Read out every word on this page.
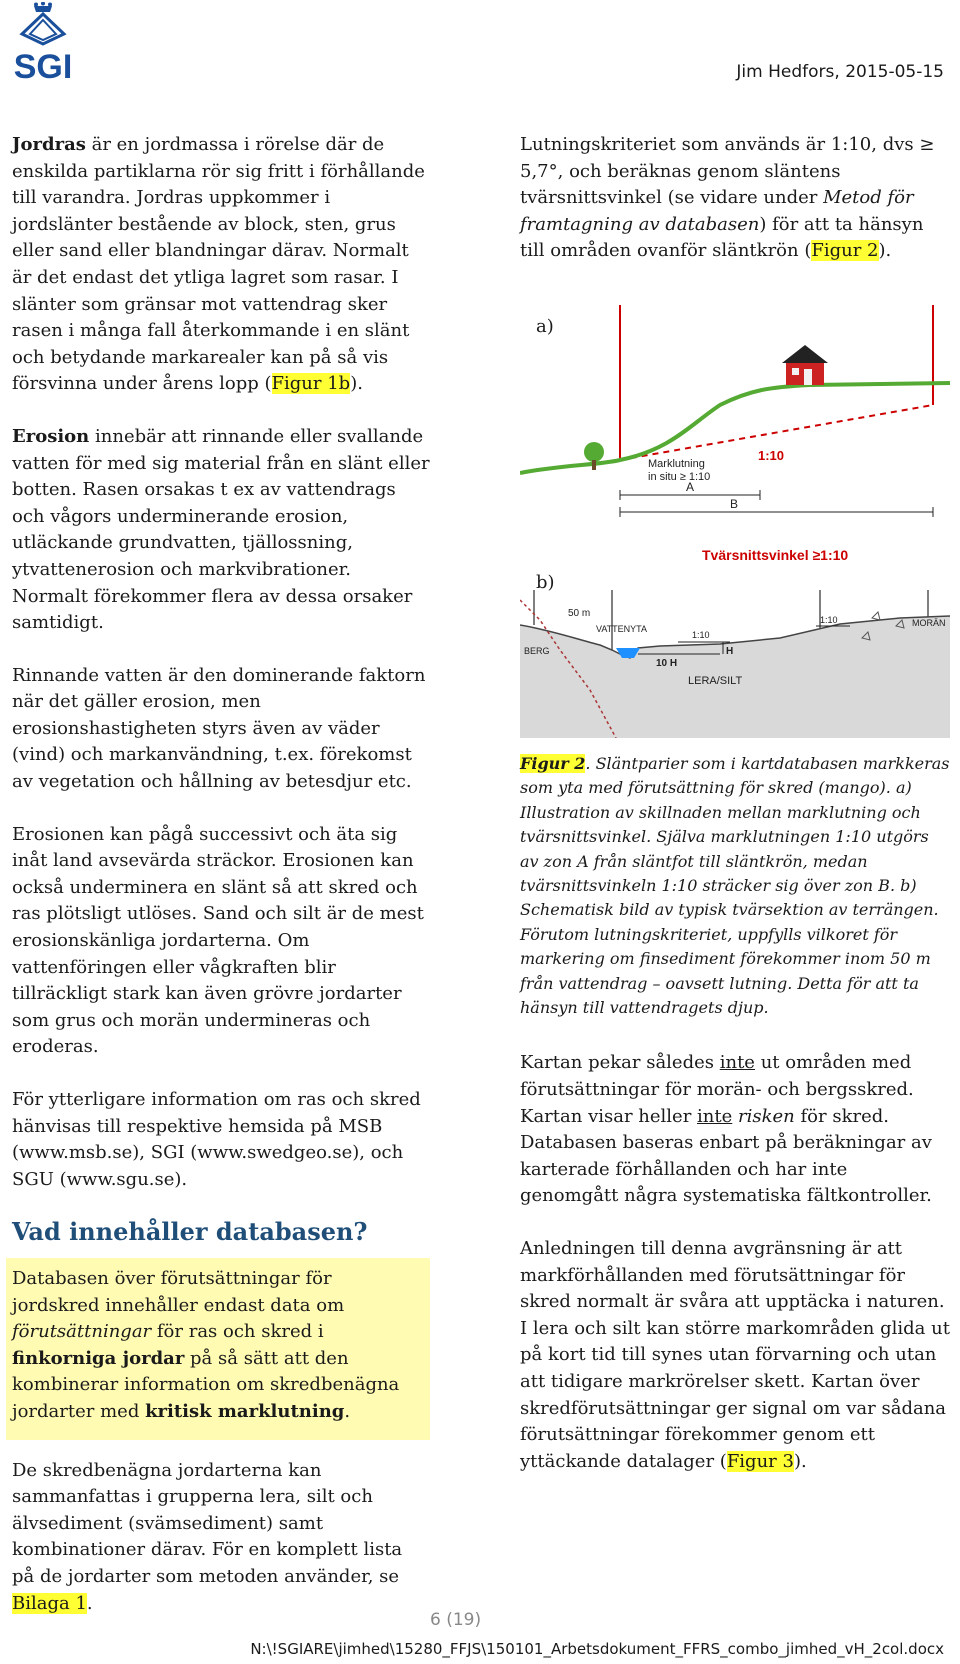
SGI	Jim Hedfors, 2015-05-15

Jordras är en jordmassa i rörelse där de enskilda partiklarna rör sig fritt i förhållande till varandra. Jordras uppkommer i jordslänter bestående av block, sten, grus eller sand eller blandningar därav. Normalt är det endast det ytliga lagret som rasar. I slänter som gränsar mot vattendrag sker rasen i många fall återkommande i en slänt och betydande markarealer kan på så vis försvinna under årens lopp (Figur 1b).

Erosion innebär att rinnande eller svallande vatten för med sig material från en slänt eller botten. Rasen orsakas t ex av vattendrags och vågors underminerande erosion, utläckande grundvatten, tjällossning, ytvattenerosion och markvibrationer. Normalt förekommer flera av dessa orsaker samtidigt.

Rinnande vatten är den dominerande faktorn när det gäller erosion, men erosionshastigheten styrs även av väder (vind) och markanvändning, t.ex. förekomst av vegetation och hållning av betesdjur etc.

Erosionen kan pågå successivt och äta sig inåt land avsevärda sträckor. Erosionen kan också underminera en slänt så att skred och ras plötsligt utlöses. Sand och silt är de mest erosionskänliga jordarterna. Om vattenföringen eller vågkraften blir tillräckligt stark kan även grövre jordarter som grus och morän undermineras och eroderas.

För ytterligare information om ras och skred hänvisas till respektive hemsida på MSB (www.msb.se), SGI (www.swedgeo.se), och SGU (www.sgu.se).

Vad innehåller databasen?
Databasen över förutsättningar för jordskred innehåller endast data om förutsättningar för ras och skred i finkorniga jordar på så sätt att den kombinerar information om skredbenägna jordarter med kritisk marklutning.

De skredbenägna jordarterna kan sammanfattas i grupperna lera, silt och älvsediment (svämsediment) samt kombinationer därav. För en komplett lista på de jordarter som metoden använder, se Bilaga 1.

Lutningskriteriet som används är 1:10, dvs ≥ 5,7°, och beräknas genom släntens tvärsnittsvinkel (se vidare under Metod för framtagning av databasen) för att ta hänsyn till områden ovanför släntkrön (Figur 2).

a)
b)
1:10
Marklutning
in situ ≥ 1:10
A
B
Tvärsnittsvinkel ≥1:10
50 m
VATTENYTA
BERG
1:10
1:10
10 H
H
LERA/SILT
MORÄN
Figur 2. Släntparier som i kartdatabasen markkeras som yta med förutsättning för skred (mango). a) Illustration av skillnaden mellan marklutning och tvärsnittsvinkel. Själva marklutningen 1:10 utgörs av zon A från släntfot till släntkrön, medan tvärsnittsvinkeln 1:10 sträcker sig över zon B. b) Schematisk bild av typisk tvärsektion av terrängen. Förutom lutningskriteriet, uppfylls vilkoret för markering om finsediment förekommer inom 50 m från vattendrag – oavsett lutning. Detta för att ta hänsyn till vattendragets djup.

Kartan pekar således inte ut områden med förutsättningar för morän- och bergsskred. Kartan visar heller inte risken för skred. Databasen baseras enbart på beräkningar av karterade förhållanden och har inte genomgått några systematiska fältkontroller.

Anledningen till denna avgränsning är att markförhållanden med förutsättningar för skred normalt är svåra att upptäcka i naturen. I lera och silt kan större markområden glida ut på kort tid till synes utan förvarning och utan att tidigare markrörelser skett. Kartan över skredförutsättningar ger signal om var sådana förutsättningar förekommer genom ett yttäckande datalager (Figur 3).

6 (19)
N:\!SGIARE\jimhed\15280_FFJS\150101_Arbetsdokument_FFRS_combo_jimhed_vH_2col.docx
